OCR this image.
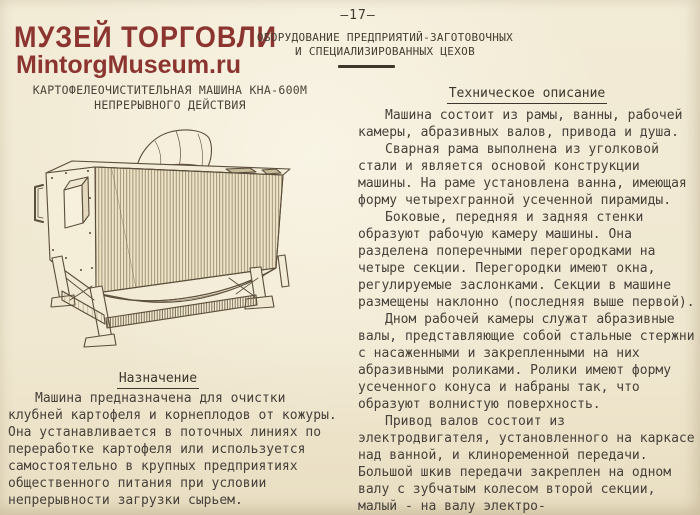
МУЗЕЙ ТОРГОВЛИ
MintorgMuseum.ru
—17—
ОБОРУДОВАНИЕ ПРЕДПРИЯТИЙ-ЗАГОТОВОЧНЫХ
И СПЕЦИАЛИЗИРОВАННЫХ ЦЕХОВ
КАРТОФЕЛЕОЧИСТИТЕЛЬНАЯ МАШИНА КНА-600М
НЕПРЕРЫВНОГО ДЕЙСТВИЯ
Назначение

Машина предназначена для очистки клубней картофеля и корнеплодов от кожуры. Она устанавливается в поточных линиях по переработке картофеля или используется самостоятельно в крупных предприятиях общественного питания при условии непрерывности загрузки сырьем.

Техническое описание

Машина состоит из рамы, ванны, рабочей камеры, абразивных валов, привода и душа.

Сварная рама выполнена из уголковой стали и является основой конструкции машины. На раме установлена ванна, имеющая форму четырехгранной усеченной пирамиды.

Боковые, передняя и задняя стенки образуют рабочую камеру машины. Она разделена поперечными перегородками на четыре секции. Перегородки имеют окна, регулируемые заслонками. Секции в машине размещены наклонно (последняя выше первой).

Дном рабочей камеры служат абразивные валы, представляющие собой стальные стержни с насаженными и закрепленными на них абразивными роликами. Ролики имеют форму усеченного конуса и набраны так, что образуют волнистую поверхность.

Привод валов состоит из электродвигателя, установленного на каркасе над ванной, и клиноременной передачи. Большой шкив передачи закреплен на одном валу с зубчатым колесом второй секции, малый - на валу электро-
